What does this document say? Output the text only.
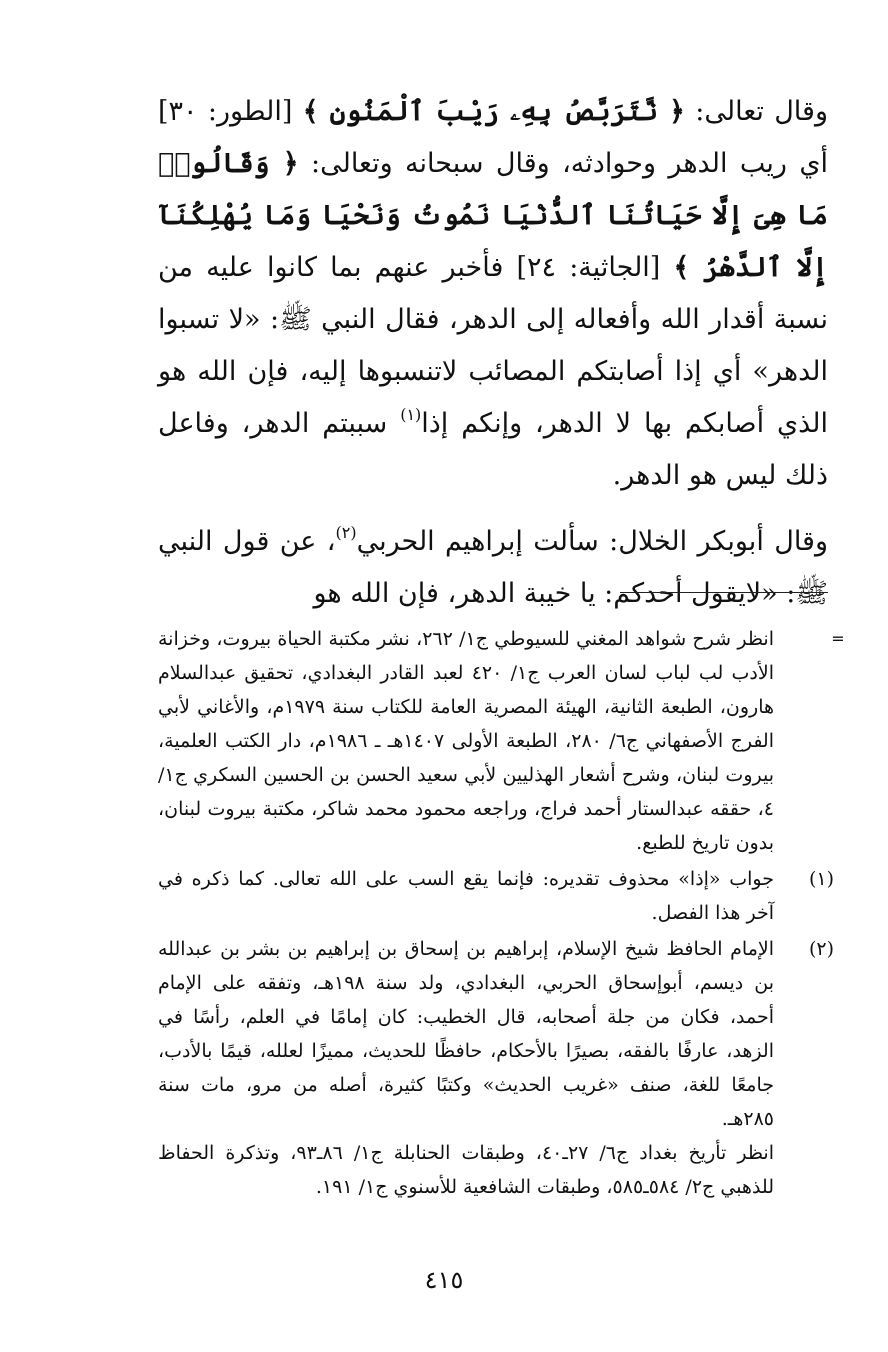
وقال تعالى: ﴿ نَّتَرَبَّصُ بِهِۦ رَيْبَ ٱلْمَنُونِ ﴾ [الطور: ٣٠] أي ريب الدهر وحوادثه، وقال سبحانه وتعالى: ﴿ وَقَالُوا۟ مَا هِىَ إِلَّا حَيَاتُنَا ٱلدُّنْيَا نَمُوتُ وَنَحْيَا وَمَا يُهْلِكُنَآ إِلَّا ٱلدَّهْرُ ﴾ [الجاثية: ٢٤] فأخبر عنهم بما كانوا عليه من نسبة أقدار الله وأفعاله إلى الدهر، فقال النبي ﷺ: «لا تسبوا الدهر» أي إذا أصابتكم المصائب لاتنسبوها إليه، فإن الله هو الذي أصابكم بها لا الدهر، وإنكم إذا$^{(١)}$ سببتم الدهر، وفاعل ذلك ليس هو الدهر.

وقال أبوبكر الخلال: سألت إبراهيم الحربي$^{(٢)}$، عن قول النبي ﷺ: «لايقول أحدكم: يا خيبة الدهر، فإن الله هو

=
انظر شرح شواهد المغني للسيوطي ج١/ ٢٦٢، نشر مكتبة الحياة بيروت، وخزانة الأدب لب لباب لسان العرب ج١/ ٤٢٠ لعبد القادر البغدادي، تحقيق عبدالسلام هارون، الطبعة الثانية، الهيئة المصرية العامة للكتاب سنة ١٩٧٩م، والأغاني لأبي الفرج الأصفهاني ج٦/ ٢٨٠، الطبعة الأولى ١٤٠٧هـ ـ ١٩٨٦م، دار الكتب العلمية، بيروت لبنان، وشرح أشعار الهذليين لأبي سعيد الحسن بن الحسين السكري ج١/ ٤، حققه عبدالستار أحمد فراج، وراجعه محمود محمد شاكر، مكتبة بيروت لبنان، بدون تاريخ للطبع.
(١)
جواب «إذا» محذوف تقديره: فإنما يقع السب على الله تعالى. كما ذكره في آخر هذا الفصل.
(٢)
الإمام الحافظ شيخ الإسلام، إبراهيم بن إسحاق بن إبراهيم بن بشر بن عبدالله بن ديسم، أبوإسحاق الحربي، البغدادي، ولد سنة ١٩٨هـ، وتفقه على الإمام أحمد، فكان من جلة أصحابه، قال الخطيب: كان إمامًا في العلم، رأسًا في الزهد، عارفًا بالفقه، بصيرًا بالأحكام، حافظًا للحديث، مميزًا لعلله، قيمًا بالأدب، جامعًا للغة، صنف «غريب الحديث» وكتبًا كثيرة، أصله من مرو، مات سنة ٢٨٥هـ.
انظر تأريخ بغداد ج٦/ ٢٧ـ٤٠، وطبقات الحنابلة ج١/ ٨٦ـ٩٣، وتذكرة الحفاظ للذهبي ج٢/ ٥٨٤ـ٥٨٥، وطبقات الشافعية للأسنوي ج١/ ١٩١.
٤١٥
